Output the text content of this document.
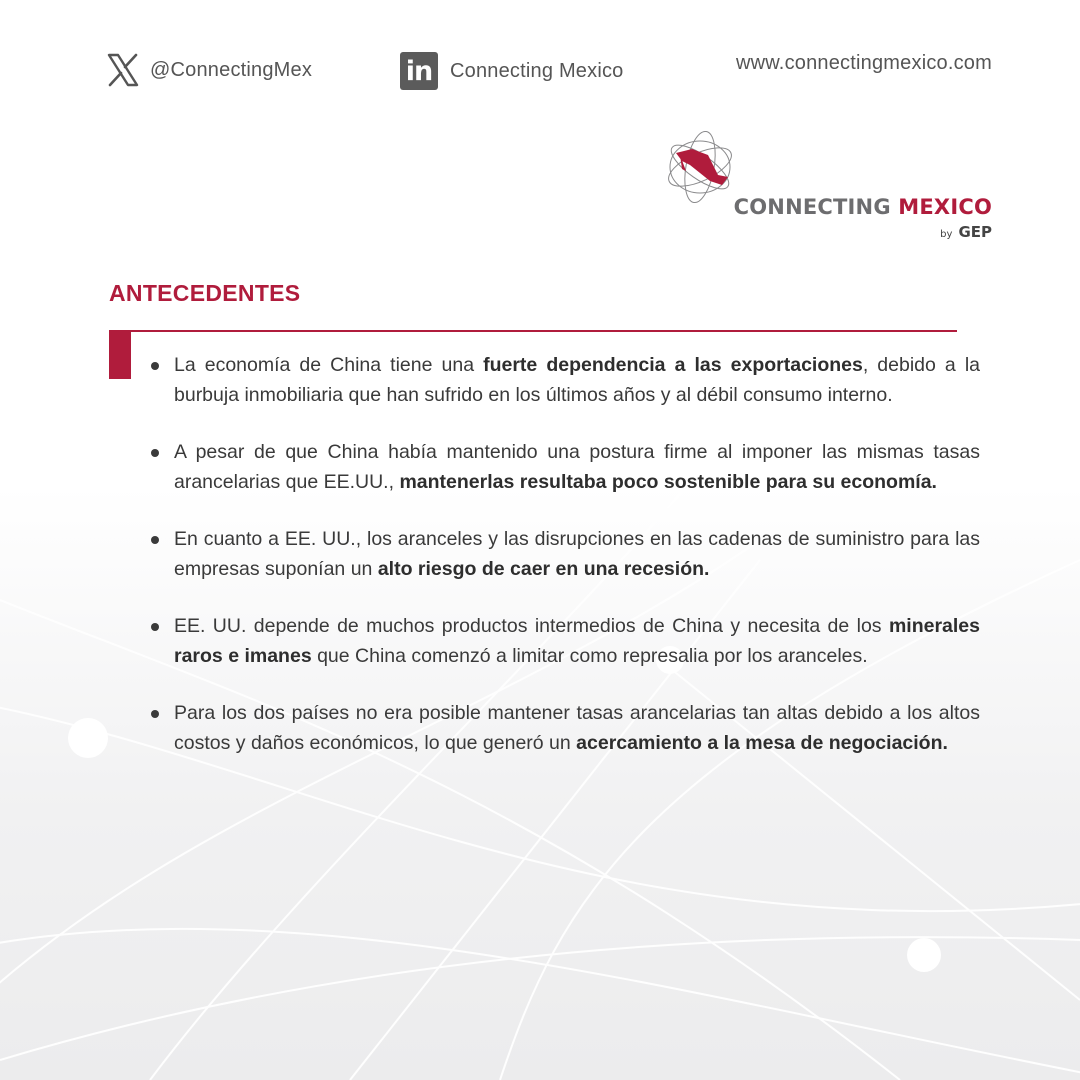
@ConnectingMex	in Connecting Mexico	www.connectingmexico.com
CONNECTING MEXICO
by GEP
ANTECEDENTES
La economía de China tiene una fuerte dependencia a las exportaciones, debido a la burbuja inmobiliaria que han sufrido en los últimos años y al débil consumo interno.
A pesar de que China había mantenido una postura firme al imponer las mismas tasas arancelarias que EE.UU., mantenerlas resultaba poco sostenible para su economía.
En cuanto a EE. UU., los aranceles y las disrupciones en las cadenas de suministro para las empresas suponían un alto riesgo de caer en una recesión.
EE. UU. depende de muchos productos intermedios de China y necesita de los minerales raros e imanes que China comenzó a limitar como represalia por los aranceles.
Para los dos países no era posible mantener tasas arancelarias tan altas debido a los altos costos y daños económicos, lo que generó un acercamiento a la mesa de negociación.
